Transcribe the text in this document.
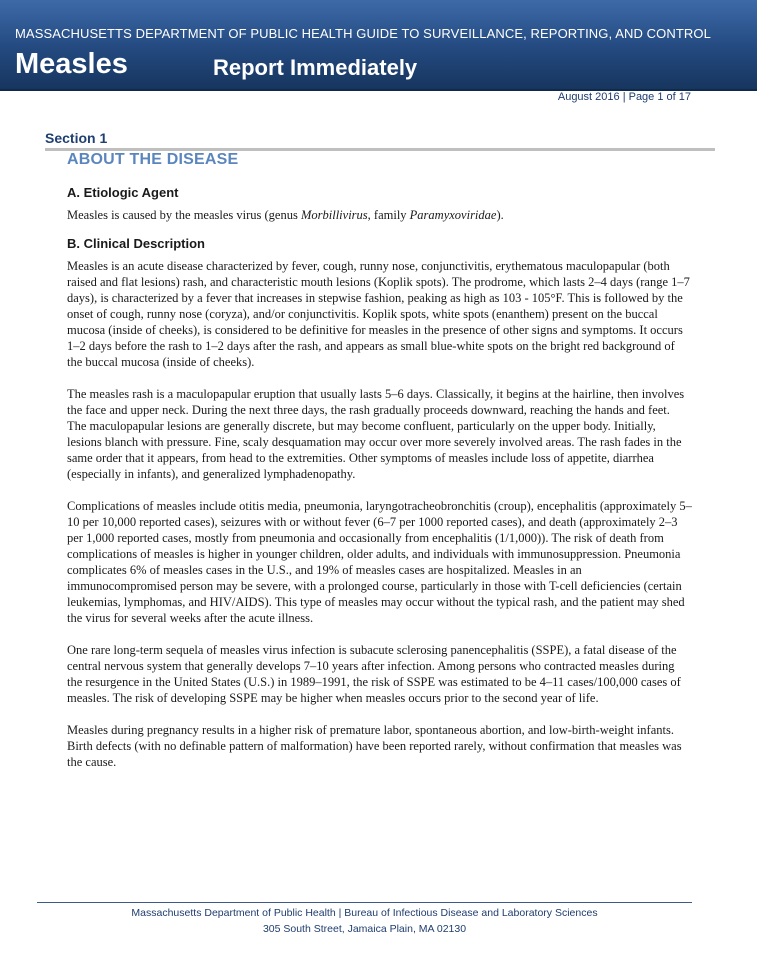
MASSACHUSETTS DEPARTMENT OF PUBLIC HEALTH GUIDE TO SURVEILLANCE, REPORTING, AND CONTROL
Measles	Report Immediately
August 2016 | Page 1 of 17
Section 1
ABOUT THE DISEASE
A. Etiologic Agent

Measles is caused by the measles virus (genus Morbillivirus, family Paramyxoviridae).

B. Clinical Description

Measles is an acute disease characterized by fever, cough, runny nose, conjunctivitis, erythematous maculopapular (both raised and flat lesions) rash, and characteristic mouth lesions (Koplik spots). The prodrome, which lasts 2–4 days (range 1–7 days), is characterized by a fever that increases in stepwise fashion, peaking as high as 103 - 105°F. This is followed by the onset of cough, runny nose (coryza), and/or conjunctivitis. Koplik spots, white spots (enanthem) present on the buccal mucosa (inside of cheeks), is considered to be definitive for measles in the presence of other signs and symptoms. It occurs 1–2 days before the rash to 1–2 days after the rash, and appears as small blue-white spots on the bright red background of the buccal mucosa (inside of cheeks).

The measles rash is a maculopapular eruption that usually lasts 5–6 days. Classically, it begins at the hairline, then involves the face and upper neck. During the next three days, the rash gradually proceeds downward, reaching the hands and feet. The maculopapular lesions are generally discrete, but may become confluent, particularly on the upper body. Initially, lesions blanch with pressure. Fine, scaly desquamation may occur over more severely involved areas. The rash fades in the same order that it appears, from head to the extremities. Other symptoms of measles include loss of appetite, diarrhea (especially in infants), and generalized lymphadenopathy.

Complications of measles include otitis media, pneumonia, laryngotracheobronchitis (croup), encephalitis (approximately 5–10 per 10,000 reported cases), seizures with or without fever (6–7 per 1000 reported cases), and death (approximately 2–3 per 1,000 reported cases, mostly from pneumonia and occasionally from encephalitis (1/1,000)). The risk of death from complications of measles is higher in younger children, older adults, and individuals with immunosuppression. Pneumonia complicates 6% of measles cases in the U.S., and 19% of measles cases are hospitalized. Measles in an immunocompromised person may be severe, with a prolonged course, particularly in those with T-cell deficiencies (certain leukemias, lymphomas, and HIV/AIDS). This type of measles may occur without the typical rash, and the patient may shed the virus for several weeks after the acute illness.

One rare long-term sequela of measles virus infection is subacute sclerosing panencephalitis (SSPE), a fatal disease of the central nervous system that generally develops 7–10 years after infection. Among persons who contracted measles during the resurgence in the United States (U.S.) in 1989–1991, the risk of SSPE was estimated to be 4–11 cases/100,000 cases of measles. The risk of developing SSPE may be higher when measles occurs prior to the second year of life.

Measles during pregnancy results in a higher risk of premature labor, spontaneous abortion, and low-birth-weight infants. Birth defects (with no definable pattern of malformation) have been reported rarely, without confirmation that measles was the cause.

Massachusetts Department of Public Health | Bureau of Infectious Disease and Laboratory Sciences
305 South Street, Jamaica Plain, MA 02130
